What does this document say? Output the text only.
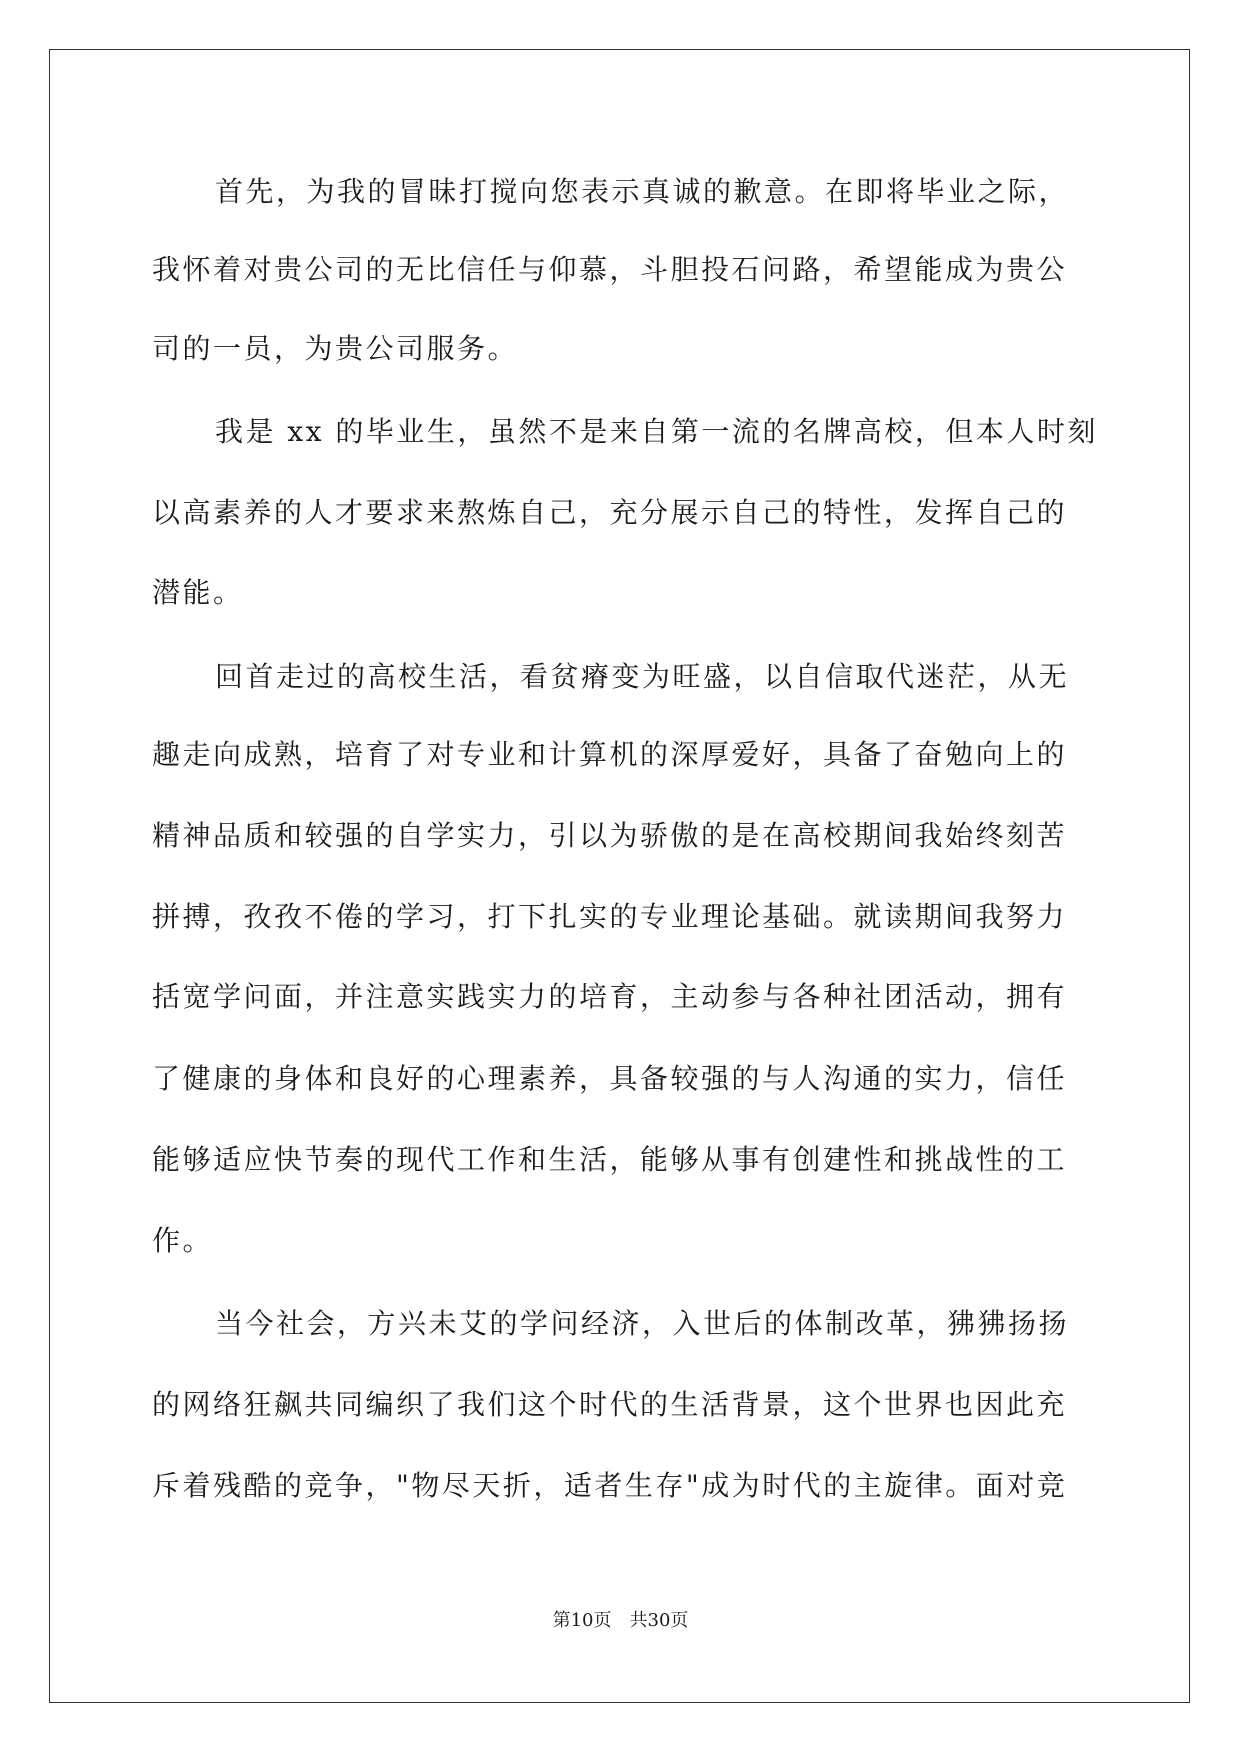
首先，为我的冒昧打搅向您表示真诚的歉意。在即将毕业之际，
我怀着对贵公司的无比信任与仰慕，斗胆投石问路，希望能成为贵公
司的一员，为贵公司服务。
我是 xx 的毕业生，虽然不是来自第一流的名牌高校，但本人时刻
以高素养的人才要求来熬炼自己，充分展示自己的特性，发挥自己的
潜能。
回首走过的高校生活，看贫瘠变为旺盛，以自信取代迷茫，从无
趣走向成熟，培育了对专业和计算机的深厚爱好，具备了奋勉向上的
精神品质和较强的自学实力，引以为骄傲的是在高校期间我始终刻苦
拼搏，孜孜不倦的学习，打下扎实的专业理论基础。就读期间我努力
括宽学问面，并注意实践实力的培育，主动参与各种社团活动，拥有
了健康的身体和良好的心理素养，具备较强的与人沟通的实力，信任
能够适应快节奏的现代工作和生活，能够从事有创建性和挑战性的工
作。
当今社会，方兴未艾的学问经济，入世后的体制改革，狒狒扬扬
的网络狂飙共同编织了我们这个时代的生活背景，这个世界也因此充
斥着残酷的竞争，"物尽天折，适者生存"成为时代的主旋律。面对竞
第10页　共30页
